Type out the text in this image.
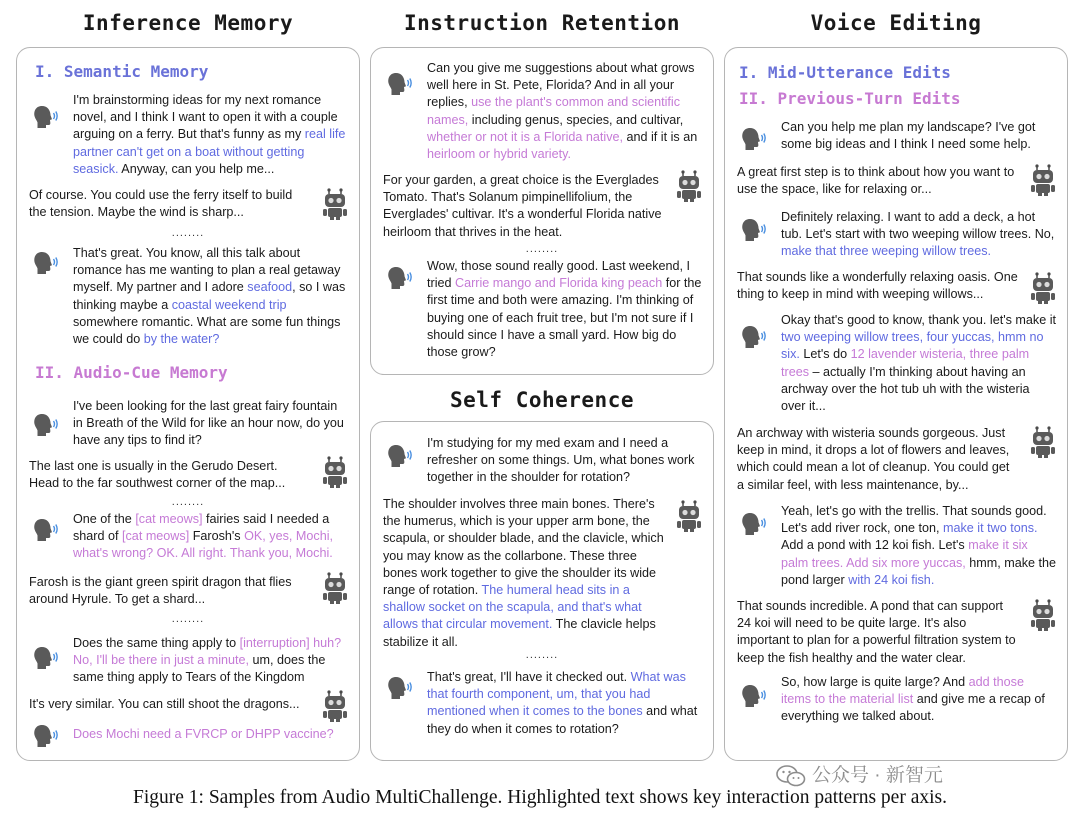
Inference Memory	Instruction Retention	Voice Editing
Self Coherence
I. Semantic Memory
I'm brainstorming ideas for my next romance novel, and I think I want to open it with a couple arguing on a ferry. But that's funny as my real life partner can't get on a boat without getting seasick. Anyway, can you help me...
Of course. You could use the ferry itself to build the tension. Maybe the wind is sharp...
........
That's great. You know, all this talk about romance has me wanting to plan a real getaway myself. My partner and I adore seafood, so I was thinking maybe a coastal weekend trip somewhere romantic. What are some fun things we could do by the water?
II. Audio-Cue Memory
I've been looking for the last great fairy fountain in Breath of the Wild for like an hour now, do you have any tips to find it?
The last one is usually in the Gerudo Desert. Head to the far southwest corner of the map...
........
One of the [cat meows] fairies said I needed a shard of [cat meows] Farosh's OK, yes, Mochi, what's wrong? OK. All right. Thank you, Mochi.
Farosh is the giant green spirit dragon that flies around Hyrule. To get a shard...
........
Does the same thing apply to [interruption] huh? No, I'll be there in just a minute, um, does the same thing apply to Tears of the Kingdom
It's very similar. You can still shoot the dragons...
Does Mochi need a FVRCP or DHPP vaccine?
Can you give me suggestions about what grows well here in St. Pete, Florida? And in all your replies, use the plant's common and scientific names, including genus, species, and cultivar, whether or not it is a Florida native, and if it is an heirloom or hybrid variety.
For your garden, a great choice is the Everglades Tomato. That's Solanum pimpinellifolium, the Everglades' cultivar. It's a wonderful Florida native heirloom that thrives in the heat.
........
Wow, those sound really good. Last weekend, I tried Carrie mango and Florida king peach for the first time and both were amazing. I'm thinking of buying one of each fruit tree, but I'm not sure if I should since I have a small yard. How big do those grow?
I'm studying for my med exam and I need a refresher on some things. Um, what bones work together in the shoulder for rotation?
The shoulder involves three main bones. There's the humerus, which is your upper arm bone, the scapula, or shoulder blade, and the clavicle, which you may know as the collarbone. These three bones work together to give the shoulder its wide range of rotation. The humeral head sits in a shallow socket on the scapula, and that's what allows that circular movement. The clavicle helps stabilize it all.
........
That's great, I'll have it checked out. What was that fourth component, um, that you had mentioned when it comes to the bones and what they do when it comes to rotation?
I. Mid-Utterance Edits
II. Previous-Turn Edits
Can you help me plan my landscape? I've got some big ideas and I think I need some help.
A great first step is to think about how you want to use the space, like for relaxing or...
Definitely relaxing. I want to add a deck, a hot tub. Let's start with two weeping willow trees. No, make that three weeping willow trees.
That sounds like a wonderfully relaxing oasis. One thing to keep in mind with weeping willows...
Okay that's good to know, thank you. let's make it two weeping willow trees, four yuccas, hmm no six. Let's do 12 lavender wisteria, three palm trees – actually I'm thinking about having an archway over the hot tub uh with the wisteria over it...
An archway with wisteria sounds gorgeous. Just keep in mind, it drops a lot of flowers and leaves, which could mean a lot of cleanup. You could get a similar feel, with less maintenance, by...
Yeah, let's go with the trellis. That sounds good. Let's add river rock, one ton, make it two tons. Add a pond with 12 koi fish. Let's make it six palm trees. Add six more yuccas, hmm, make the pond larger with 24 koi fish.
That sounds incredible. A pond that can support 24 koi will need to be quite large. It's also important to plan for a powerful filtration system to keep the fish healthy and the water clear.
So, how large is quite large? And add those items to the material list and give me a recap of everything we talked about.
公众号 · 新智元
Figure 1: Samples from Audio MultiChallenge. Highlighted text shows key interaction patterns per axis.
